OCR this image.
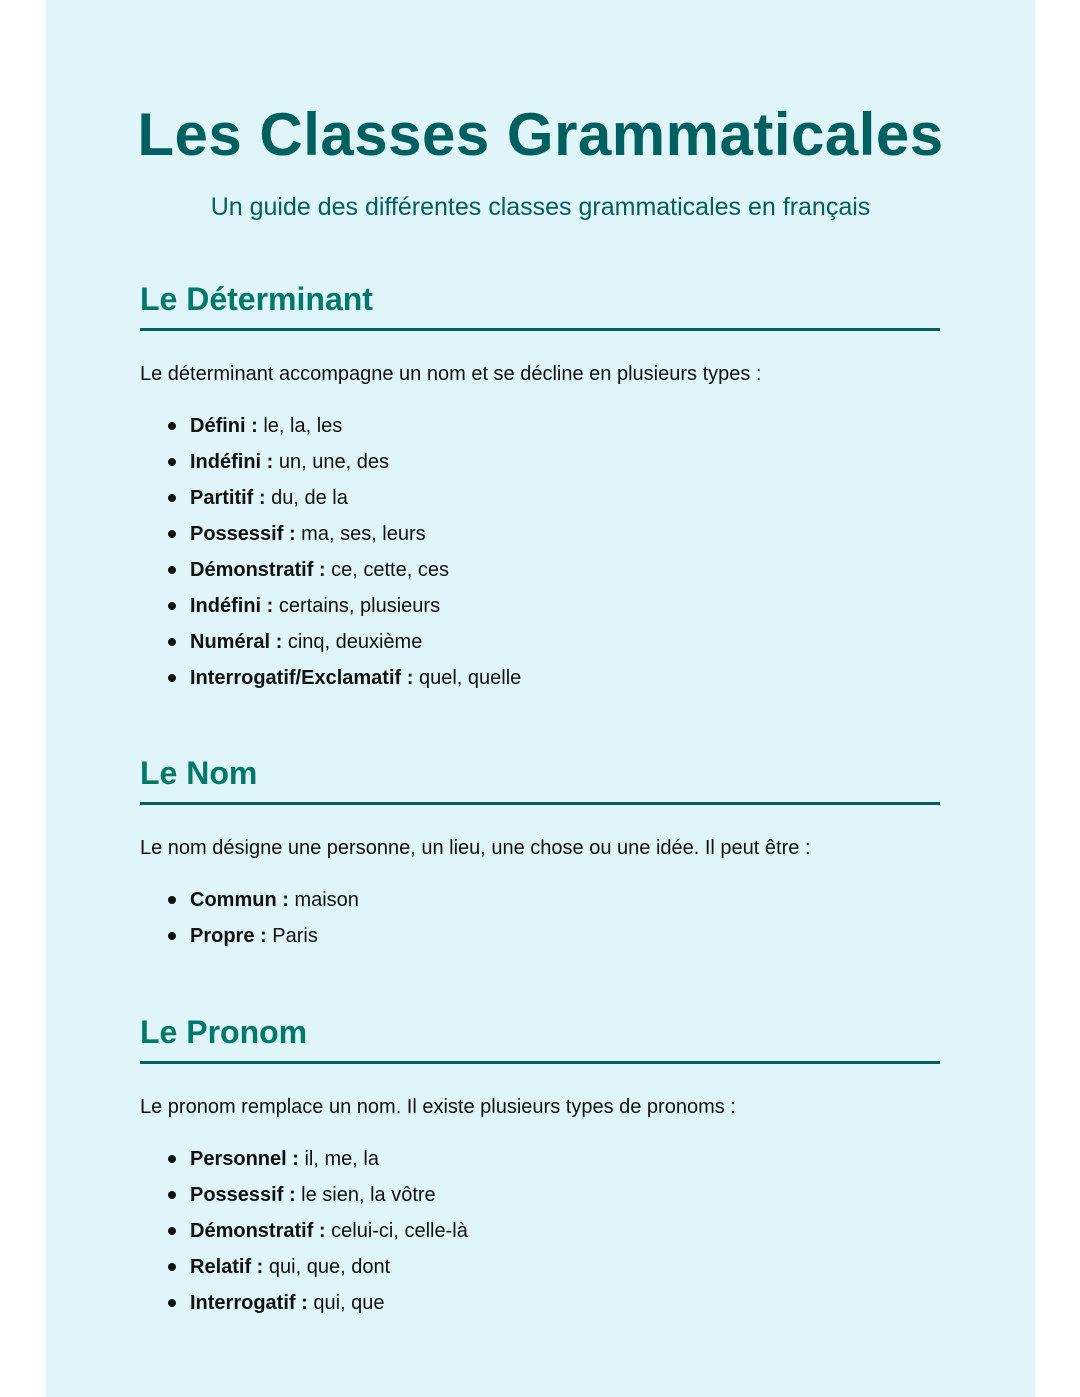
Les Classes Grammaticales

Un guide des différentes classes grammaticales en français

Le Déterminant

Le déterminant accompagne un nom et se décline en plusieurs types :

Défini : le, la, les
Indéfini : un, une, des
Partitif : du, de la
Possessif : ma, ses, leurs
Démonstratif : ce, cette, ces
Indéfini : certains, plusieurs
Numéral : cinq, deuxième
Interrogatif/Exclamatif : quel, quelle
Le Nom

Le nom désigne une personne, un lieu, une chose ou une idée. Il peut être :

Commun : maison
Propre : Paris
Le Pronom

Le pronom remplace un nom. Il existe plusieurs types de pronoms :

Personnel : il, me, la
Possessif : le sien, la vôtre
Démonstratif : celui-ci, celle-là
Relatif : qui, que, dont
Interrogatif : qui, que
